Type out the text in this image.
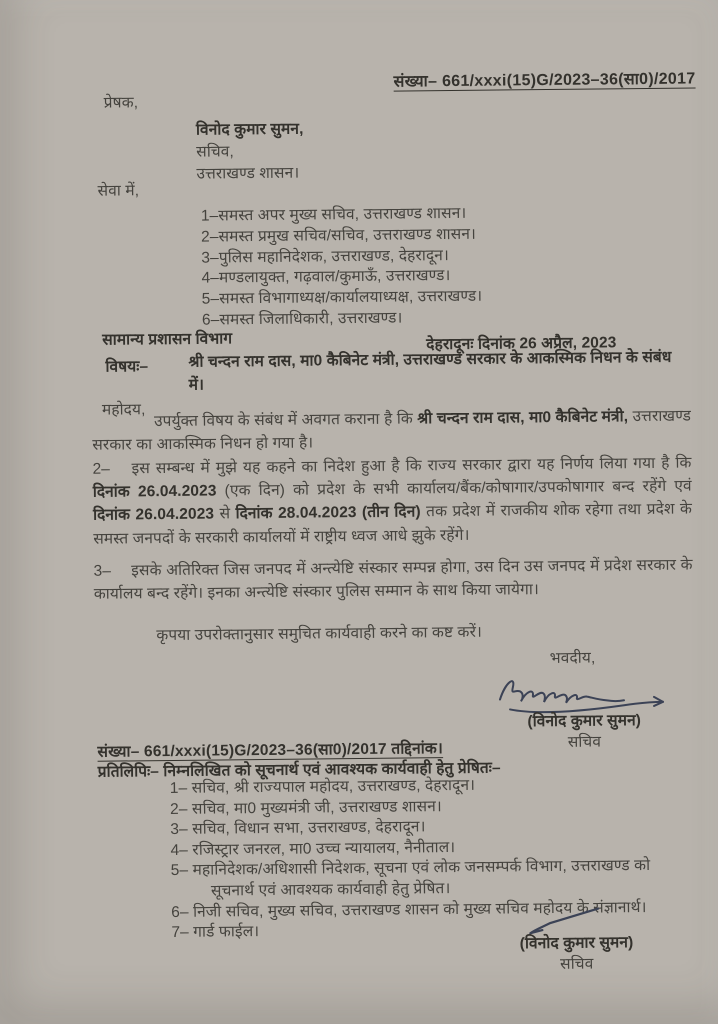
संख्या– 661/xxxi(15)G/2023–36(सा0)/2017
प्रेषक,
विनोद कुमार सुमन,
सचिव,
उत्तराखण्ड शासन।
सेवा में,
1–समस्त अपर मुख्य सचिव, उत्तराखण्ड शासन।
2–समस्त प्रमुख सचिव/सचिव, उत्तराखण्ड शासन।
3–पुलिस महानिदेशक, उत्तराखण्ड, देहरादून।
4–मण्डलायुक्त, गढ़वाल/कुमाऊँ, उत्तराखण्ड।
5–समस्त विभागाध्यक्ष/कार्यालयाध्यक्ष, उत्तराखण्ड।
6–समस्त जिलाधिकारी, उत्तराखण्ड।
सामान्य प्रशासन विभाग	देहरादूनः दिनांक 26 अप्रैल, 2023
विषयः–	श्री चन्दन राम दास, मा0 कैबिनेट मंत्री, उत्तराखण्ड सरकार के आकस्मिक निधन के संबंध में।
महोदय,
उपर्युक्त विषय के संबंध में अवगत कराना है कि श्री चन्दन राम दास, मा0 कैबिनेट मंत्री, उत्तराखण्ड सरकार का आकस्मिक निधन हो गया है।
2–  इस सम्बन्ध में मुझे यह कहने का निदेश हुआ है कि राज्य सरकार द्वारा यह निर्णय लिया गया है कि दिनांक 26.04.2023 (एक दिन) को प्रदेश के सभी कार्यालय/बैंक/कोषागार/उपकोषागार बन्द रहेंगे एवं दिनांक 26.04.2023 से दिनांक 28.04.2023 (तीन दिन) तक प्रदेश में राजकीय शोक रहेगा तथा प्रदेश के समस्त जनपदों के सरकारी कार्यालयों में राष्ट्रीय ध्वज आधे झुके रहेंगे।
3–  इसके अतिरिक्त जिस जनपद में अन्त्येष्टि संस्कार सम्पन्न होगा, उस दिन उस जनपद में प्रदेश सरकार के कार्यालय बन्द रहेंगे। इनका अन्त्येष्टि संस्कार पुलिस सम्मान के साथ किया जायेगा।
कृपया उपरोक्तानुसार समुचित कार्यवाही करने का कष्ट करें।
भवदीय,
(विनोद कुमार सुमन)
सचिव
संख्या– 661/xxxi(15)G/2023–36(सा0)/2017 तद्दिनांक।
प्रतिलिपिः– निम्नलिखित को सूचनार्थ एवं आवश्यक कार्यवाही हेतु प्रेषितः–
1– सचिव, श्री राज्यपाल महोदय, उत्तराखण्ड, देहरादून।
2– सचिव, मा0 मुख्यमंत्री जी, उत्तराखण्ड शासन।
3– सचिव, विधान सभा, उत्तराखण्ड, देहरादून।
4– रजिस्ट्रार जनरल, मा0 उच्च न्यायालय, नैनीताल।
5– महानिदेशक/अधिशासी निदेशक, सूचना एवं लोक जनसम्पर्क विभाग, उत्तराखण्ड को सूचनार्थ एवं आवश्यक कार्यवाही हेतु प्रेषित।
6– निजी सचिव, मुख्य सचिव, उत्तराखण्ड शासन को मुख्य सचिव महोदय के संज्ञानार्थ।
7– गार्ड फाईल।
(विनोद कुमार सुमन)
सचिव
